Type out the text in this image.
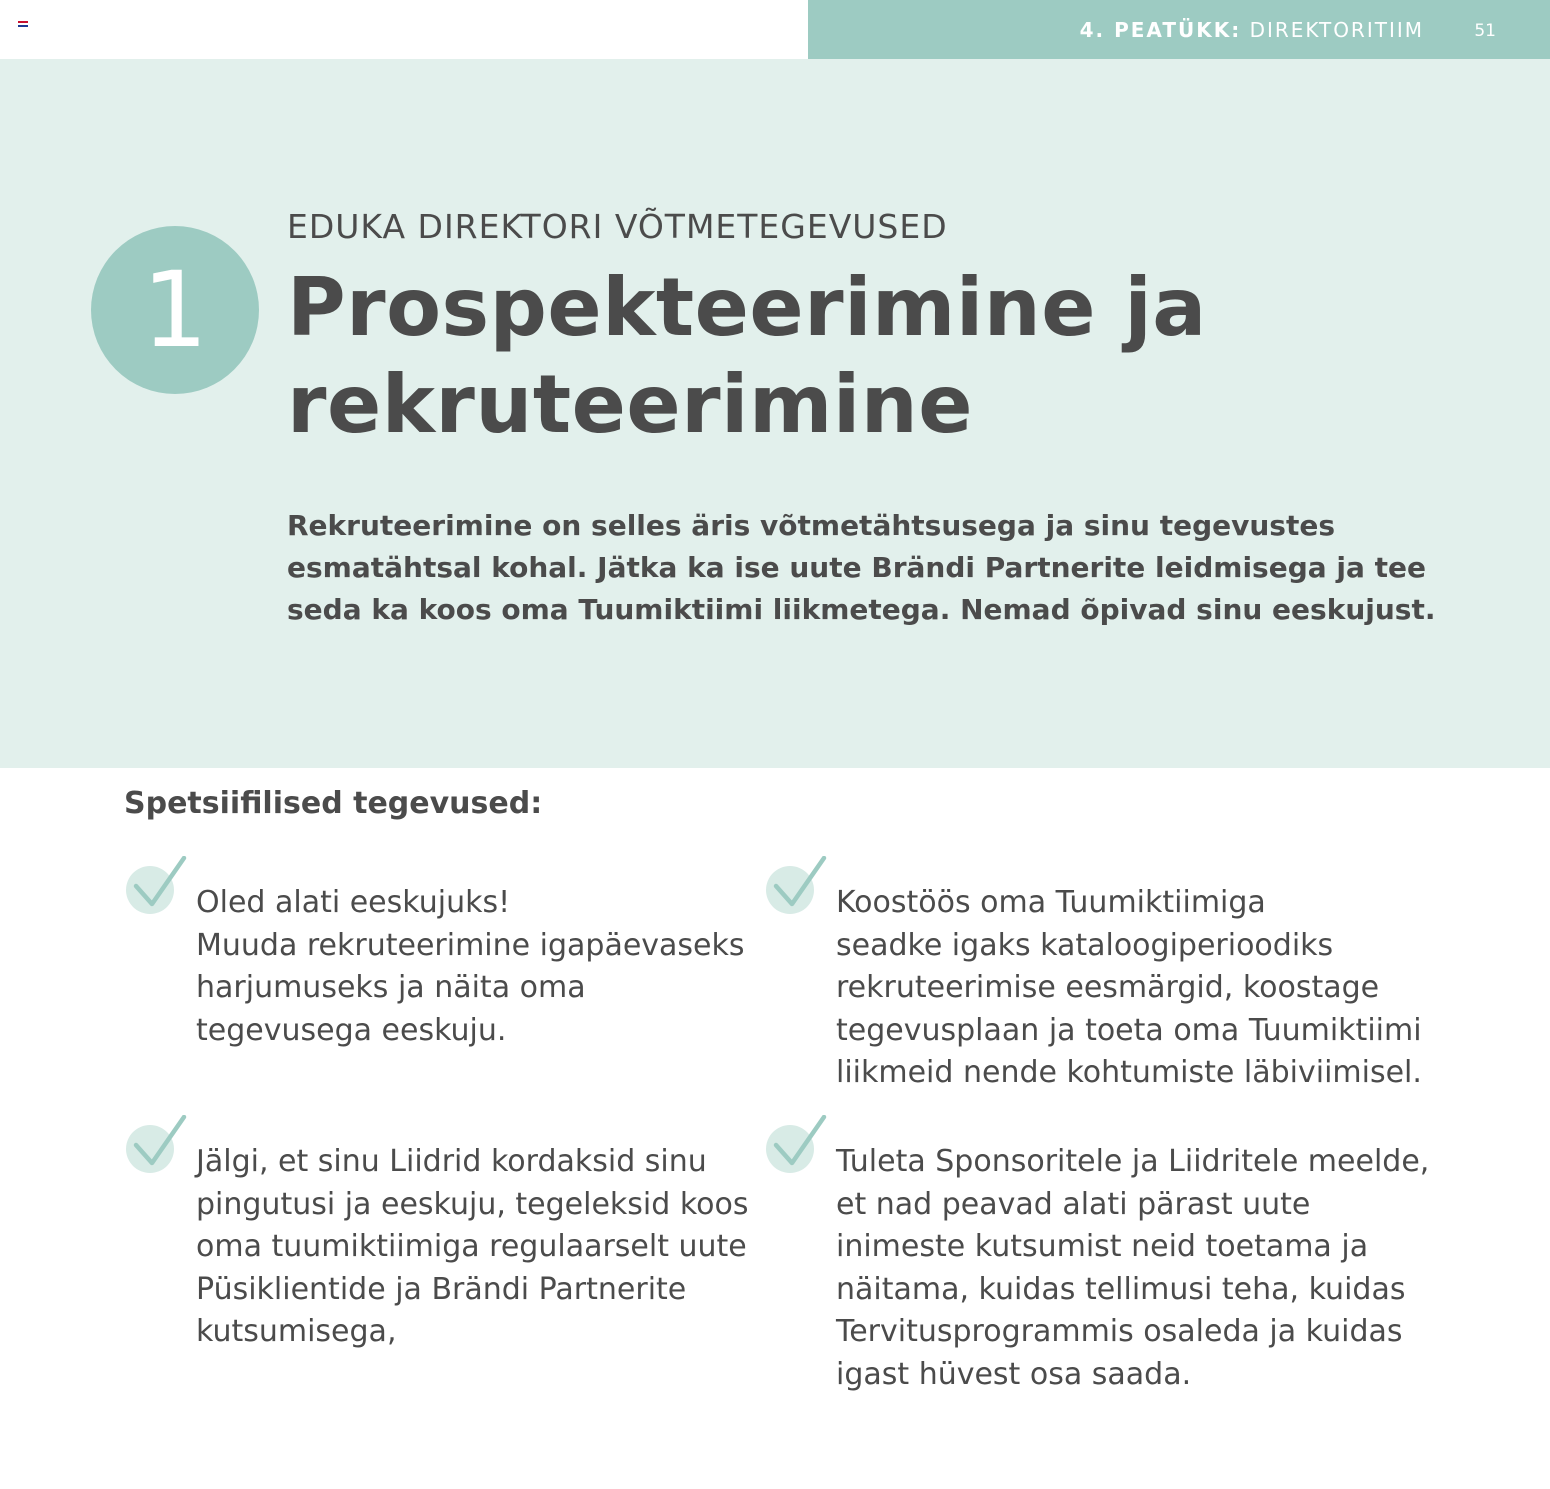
4. PEATÜKK: DIREKTORITIIM	51
1
EDUKA DIREKTORI VÕTMETEGEVUSED
Prospekteerimine ja
rekruteerimine

Rekruteerimine on selles äris võtmetähtsusega ja sinu tegevustes
esmatähtsal kohal. Jätka ka ise uute Brändi Partnerite leidmisega ja tee
seda ka koos oma Tuumiktiimi liikmetega. Nemad õpivad sinu eeskujust.

Spetsiifilised tegevused:

Oled alati eeskujuks!
Muuda rekruteerimine igapäevaseks
harjumuseks ja näita oma
tegevusega eeskuju.

Koostöös oma Tuumiktiimiga
seadke igaks kataloogiperioodiks
rekruteerimise eesmärgid, koostage
tegevusplaan ja toeta oma Tuumiktiimi
liikmeid nende kohtumiste läbiviimisel.

Jälgi, et sinu Liidrid kordaksid sinu
pingutusi ja eeskuju, tegeleksid koos
oma tuumiktiimiga regulaarselt uute
Püsiklientide ja Brändi Partnerite
kutsumisega,

Tuleta Sponsoritele ja Liidritele meelde,
et nad peavad alati pärast uute
inimeste kutsumist neid toetama ja
näitama, kuidas tellimusi teha, kuidas
Tervitusprogrammis osaleda ja kuidas
igast hüvest osa saada.
